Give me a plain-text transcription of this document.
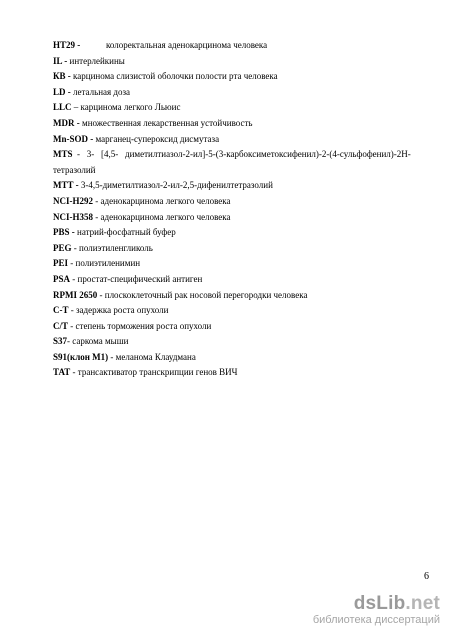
HT29 -	колоректальная аденокарцинома человека
IL - интерлейкины
КВ - карцинома слизистой оболочки полости рта человека
LD - летальная доза
LLC – карцинома легкого Льюис
MDR - множественная лекарственная устойчивость
Mn-SOD - марганец-супероксид дисмутаза
MTS  -   3-   [4,5-   диметилтиазол-2-ил]-5-(3-карбоксиметоксифенил)-2-(4-сульфофенил)-2Н-
тетразолий
MTT - 3-4,5-диметилтиазол-2-ил-2,5-дифенилтетразолий
NCI-H292 - аденокарцинома легкого человека
NCI-H358 - аденокарцинома легкого человека
PBS - натрий-фосфатный буфер
PEG - полиэтиленгликоль
PEI - полиэтиленимин
PSA - простат-специфический антиген
RPMI 2650 - плоскоклеточный рак носовой перегородки человека
С-Т - задержка роста опухоли
С/Т - степень торможения роста опухоли
S37- саркома мыши
S91(клон М1) - меланома Клаудмана
ТАТ - трансактиватор транскрипции генов ВИЧ
6
dsLib.net
библиотека диссертаций
